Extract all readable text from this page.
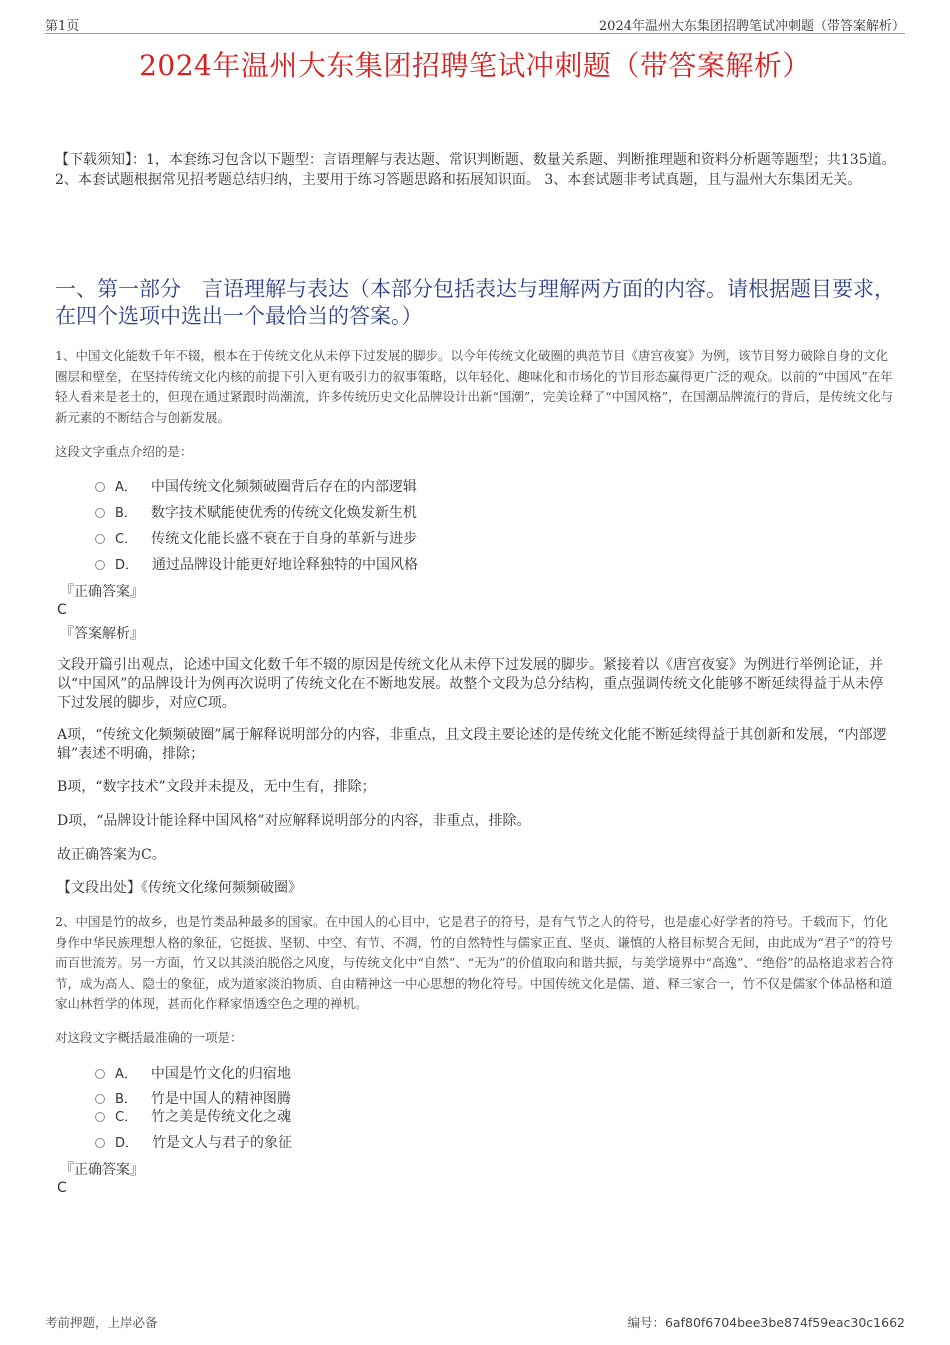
第1页	2024年温州大东集团招聘笔试冲刺题（带答案解析）
2024年温州大东集团招聘笔试冲刺题（带答案解析）
【下载须知】：1，本套练习包含以下题型：言语理解与表达题、常识判断题、数量关系题、判断推理题和资料分析题等题型；共135道。 2、本套试题根据常见招考题总结归纳，主要用于练习答题思路和拓展知识面。 3、本套试题非考试真题，且与温州大东集团无关。
一、第一部分　言语理解与表达（本部分包括表达与理解两方面的内容。请根据题目要求，在四个选项中选出一个最恰当的答案。）
1、中国文化能数千年不辍，根本在于传统文化从未停下过发展的脚步。以今年传统文化破圈的典范节目《唐宫夜宴》为例，该节目努力破除自身的文化圈层和壁垒，在坚持传统文化内核的前提下引入更有吸引力的叙事策略，以年轻化、趣味化和市场化的节目形态赢得更广泛的观众。以前的“中国风”在年轻人看来是老土的，但现在通过紧跟时尚潮流，许多传统历史文化品牌设计出新“国潮”，完美诠释了“中国风格”，在国潮品牌流行的背后，是传统文化与新元素的不断结合与创新发展。
这段文字重点介绍的是：
A． 中国传统文化频频破圈背后存在的内部逻辑
B． 数字技术赋能使优秀的传统文化焕发新生机
C． 传统文化能长盛不衰在于自身的革新与进步
D． 通过品牌设计能更好地诠释独特的中国风格
『正确答案』
C
『答案解析』
文段开篇引出观点，论述中国文化数千年不辍的原因是传统文化从未停下过发展的脚步。紧接着以《唐宫夜宴》为例进行举例论证，并以“中国风”的品牌设计为例再次说明了传统文化在不断地发展。故整个文段为总分结构，重点强调传统文化能够不断延续得益于从未停下过发展的脚步，对应C项。
A项，“传统文化频频破圈”属于解释说明部分的内容，非重点，且文段主要论述的是传统文化能不断延续得益于其创新和发展，“内部逻辑”表述不明确，排除；
B项，“数字技术”文段并未提及，无中生有，排除；
D项，“品牌设计能诠释中国风格”对应解释说明部分的内容，非重点，排除。
故正确答案为C。
【文段出处】《传统文化缘何频频破圈》
2、中国是竹的故乡，也是竹类品种最多的国家。在中国人的心目中，它是君子的符号，是有气节之人的符号，也是虚心好学者的符号。千载而下，竹化身作中华民族理想人格的象征，它挺拔、坚韧、中空、有节、不凋，竹的自然特性与儒家正直、坚贞、谦慎的人格目标契合无间，由此成为“君子”的符号而百世流芳。另一方面，竹又以其淡泊脱俗之风度，与传统文化中“自然”、“无为”的价值取向和谐共振，与美学境界中“高逸”、“绝俗”的品格追求若合符节，成为高人、隐士的象征，成为道家淡泊物质、自由精神这一中心思想的物化符号。中国传统文化是儒、道、释三家合一，竹不仅是儒家个体品格和道家山林哲学的体现，甚而化作释家悟透空色之理的禅机。
对这段文字概括最准确的一项是：
A． 中国是竹文化的归宿地
B． 竹是中国人的精神图腾
C． 竹之美是传统文化之魂
D． 竹是文人与君子的象征
『正确答案』
C
考前押题，上岸必备	编号：6af80f6704bee3be874f59eac30c1662
